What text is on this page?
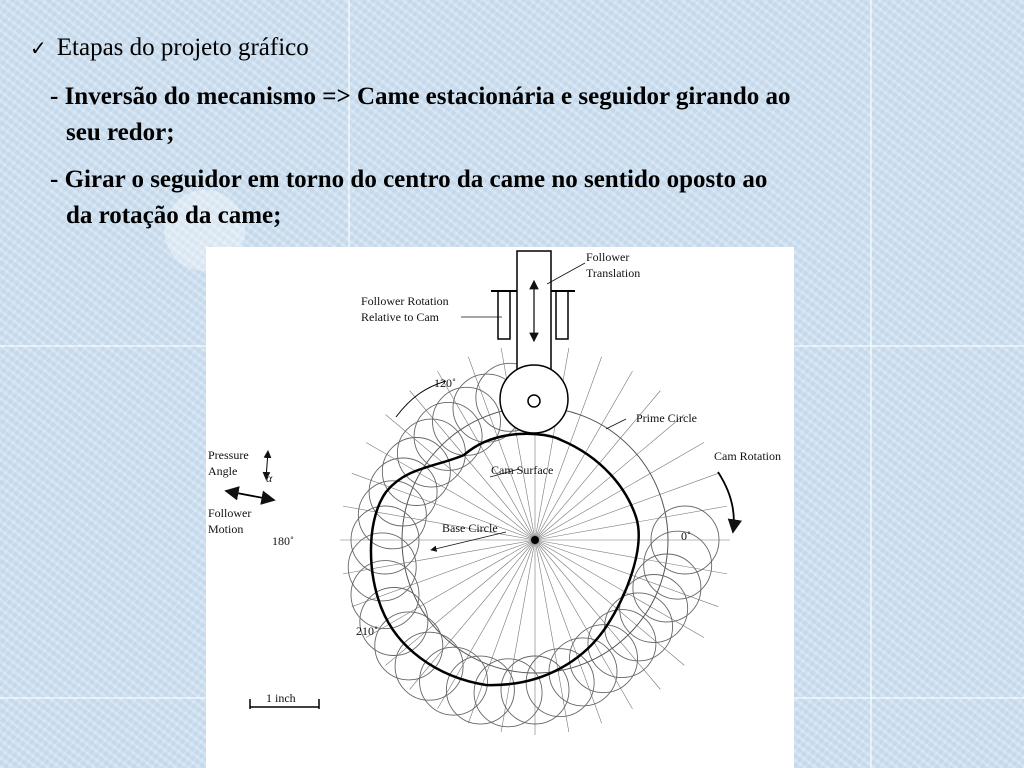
✓ Etapas do projeto gráfico
- Inversão do mecanismo => Came estacionária e seguidor girando ao
seu redor;
- Girar o seguidor em torno do centro da came no sentido oposto ao
da rotação da came;
Follower
Translation
Follower Rotation
Relative to Cam
120˚
Prime Circle
Pressure
Angle α
Cam Surface
Cam Rotation
Follower
Motion	Base Circle
180˚	0˚
210˚
1 inch
